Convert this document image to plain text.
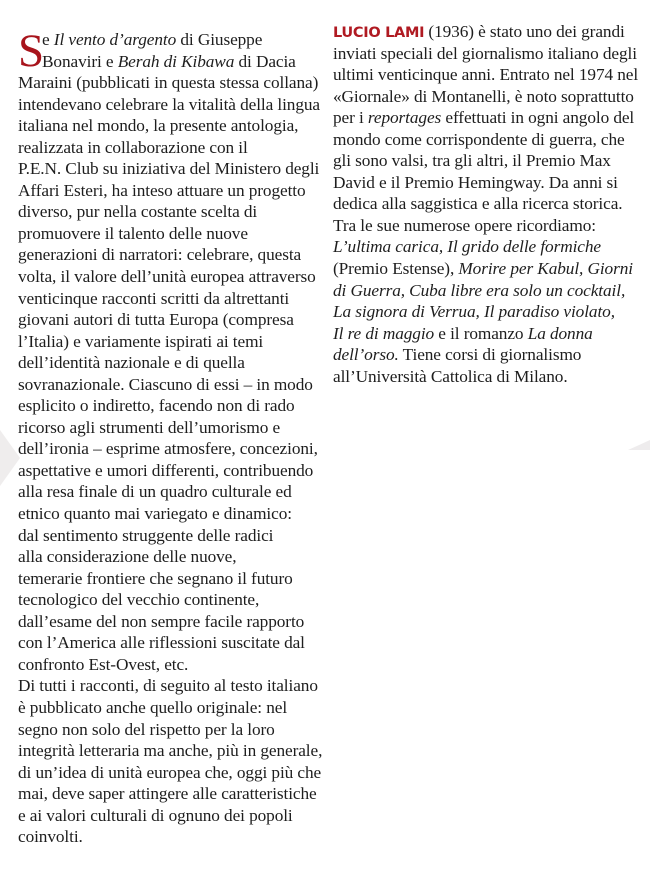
S
e Il vento d’argento di Giuseppe
Bonaviri e Berah di Kibawa di Dacia
Maraini (pubblicati in questa stessa collana)
intendevano celebrare la vitalità della lingua
italiana nel mondo, la presente antologia,
realizzata in collaborazione con il
P.E.N. Club su iniziativa del Ministero degli
Affari Esteri, ha inteso attuare un progetto
diverso, pur nella costante scelta di
promuovere il talento delle nuove
generazioni di narratori: celebrare, questa
volta, il valore dell’unità europea attraverso
venticinque racconti scritti da altrettanti
giovani autori di tutta Europa (compresa
l’Italia) e variamente ispirati ai temi
dell’identità nazionale e di quella
sovranazionale. Ciascuno di essi – in modo
esplicito o indiretto, facendo non di rado
ricorso agli strumenti dell’umorismo e
dell’ironia – esprime atmosfere, concezioni,
aspettative e umori differenti, contribuendo
alla resa finale di un quadro culturale ed
etnico quanto mai variegato e dinamico:
dal sentimento struggente delle radici
alla considerazione delle nuove,
temerarie frontiere che segnano il futuro
tecnologico del vecchio continente,
dall’esame del non sempre facile rapporto
con l’America alle riflessioni suscitate dal
confronto Est-Ovest, etc.
Di tutti i racconti, di seguito al testo italiano
è pubblicato anche quello originale: nel
segno non solo del rispetto per la loro
integrità letteraria ma anche, più in generale,
di un’idea di unità europea che, oggi più che
mai, deve saper attingere alle caratteristiche
e ai valori culturali di ognuno dei popoli
coinvolti.
LUCIO LAMI (1936) è stato uno dei grandi
inviati speciali del giornalismo italiano degli
ultimi venticinque anni. Entrato nel 1974 nel
«Giornale» di Montanelli, è noto soprattutto
per i reportages effettuati in ogni angolo del
mondo come corrispondente di guerra, che
gli sono valsi, tra gli altri, il Premio Max
David e il Premio Hemingway. Da anni si
dedica alla saggistica e alla ricerca storica.
Tra le sue numerose opere ricordiamo:
L’ultima carica, Il grido delle formiche
(Premio Estense), Morire per Kabul, Giorni
di Guerra, Cuba libre era solo un cocktail,
La signora di Verrua, Il paradiso violato,
Il re di maggio e il romanzo La donna
dell’orso. Tiene corsi di giornalismo
all’Università Cattolica di Milano.
